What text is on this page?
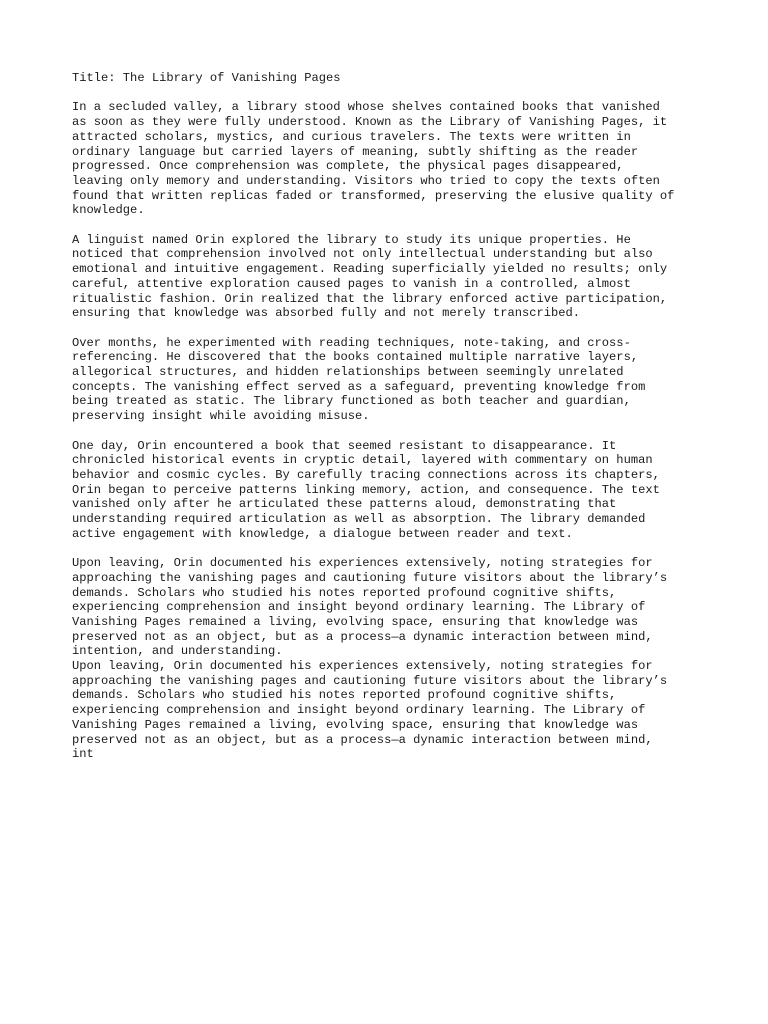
Title: The Library of Vanishing Pages
In a secluded valley, a library stood whose shelves contained books that vanished
as soon as they were fully understood. Known as the Library of Vanishing Pages, it
attracted scholars, mystics, and curious travelers. The texts were written in
ordinary language but carried layers of meaning, subtly shifting as the reader
progressed. Once comprehension was complete, the physical pages disappeared,
leaving only memory and understanding. Visitors who tried to copy the texts often
found that written replicas faded or transformed, preserving the elusive quality of
knowledge.
A linguist named Orin explored the library to study its unique properties. He
noticed that comprehension involved not only intellectual understanding but also
emotional and intuitive engagement. Reading superficially yielded no results; only
careful, attentive exploration caused pages to vanish in a controlled, almost
ritualistic fashion. Orin realized that the library enforced active participation,
ensuring that knowledge was absorbed fully and not merely transcribed.
Over months, he experimented with reading techniques, note-taking, and cross-
referencing. He discovered that the books contained multiple narrative layers,
allegorical structures, and hidden relationships between seemingly unrelated
concepts. The vanishing effect served as a safeguard, preventing knowledge from
being treated as static. The library functioned as both teacher and guardian,
preserving insight while avoiding misuse.
One day, Orin encountered a book that seemed resistant to disappearance. It
chronicled historical events in cryptic detail, layered with commentary on human
behavior and cosmic cycles. By carefully tracing connections across its chapters,
Orin began to perceive patterns linking memory, action, and consequence. The text
vanished only after he articulated these patterns aloud, demonstrating that
understanding required articulation as well as absorption. The library demanded
active engagement with knowledge, a dialogue between reader and text.
Upon leaving, Orin documented his experiences extensively, noting strategies for
approaching the vanishing pages and cautioning future visitors about the library’s
demands. Scholars who studied his notes reported profound cognitive shifts,
experiencing comprehension and insight beyond ordinary learning. The Library of
Vanishing Pages remained a living, evolving space, ensuring that knowledge was
preserved not as an object, but as a process—a dynamic interaction between mind,
intention, and understanding.
Upon leaving, Orin documented his experiences extensively, noting strategies for
approaching the vanishing pages and cautioning future visitors about the library’s
demands. Scholars who studied his notes reported profound cognitive shifts,
experiencing comprehension and insight beyond ordinary learning. The Library of
Vanishing Pages remained a living, evolving space, ensuring that knowledge was
preserved not as an object, but as a process—a dynamic interaction between mind,
int
